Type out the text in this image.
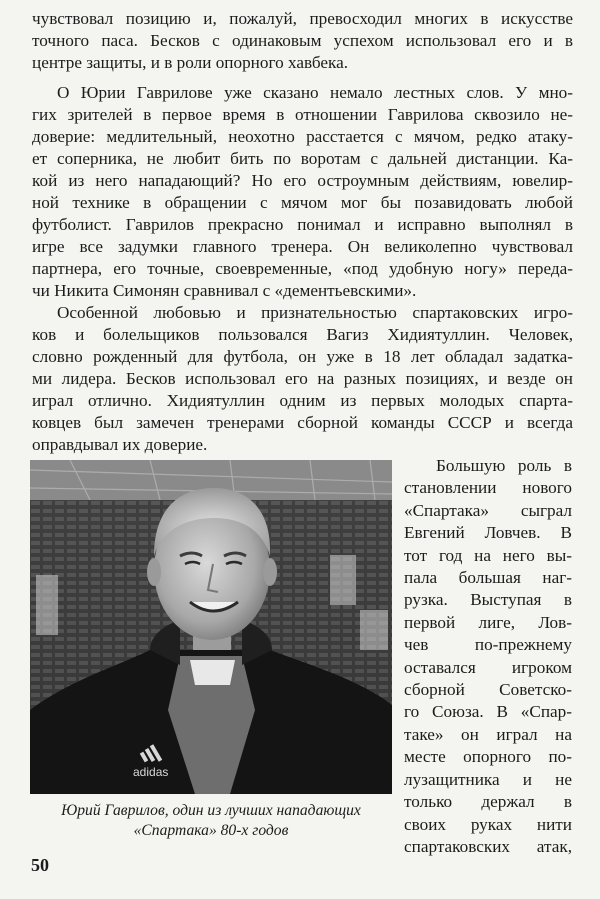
чувствовал позицию и, пожалуй, превосходил многих в искусстве
точного паса. Бесков с одинаковым успехом использовал его и в
центре защиты, и в роли опорного хавбека.

О Юрии Гаврилове уже сказано немало лестных слов. У мно-
гих зрителей в первое время в отношении Гаврилова сквозило не-
доверие: медлительный, неохотно расстается с мячом, редко атаку-
ет соперника, не любит бить по воротам с дальней дистанции. Ка-
кой из него нападающий? Но его остроумным действиям, ювелир-
ной технике в обращении с мячом мог бы позавидовать любой
футболист. Гаврилов прекрасно понимал и исправно выполнял в
игре все задумки главного тренера. Он великолепно чувствовал
партнера, его точные, своевременные, «под удобную ногу» переда-
чи Никита Симонян сравнивал с «дементьевскими».

Особенной любовью и признательностью спартаковских игро-
ков и болельщиков пользовался Вагиз Хидиятуллин. Человек,
словно рожденный для футбола, он уже в 18 лет обладал задатка-
ми лидера. Бесков использовал его на разных позициях, и везде он
играл отлично. Хидиятуллин одним из первых молодых спарта-
ковцев был замечен тренерами сборной команды СССР и всегда
оправдывал их доверие.

adidas
Юрий Гаврилов, один из лучших нападающих
«Спартака» 80-х годов
Большую роль в
становлении нового
«Спартака» сыграл
Евгений Ловчев. В
тот год на него вы-
пала большая наг-
рузка. Выступая в
первой лиге, Лов-
чев по-прежнему
оставался игроком
сборной Советско-
го Союза. В «Спар-
таке» он играл на
месте опорного по-
лузащитника и не
только держал в
своих руках нити
спартаковских атак,
50
